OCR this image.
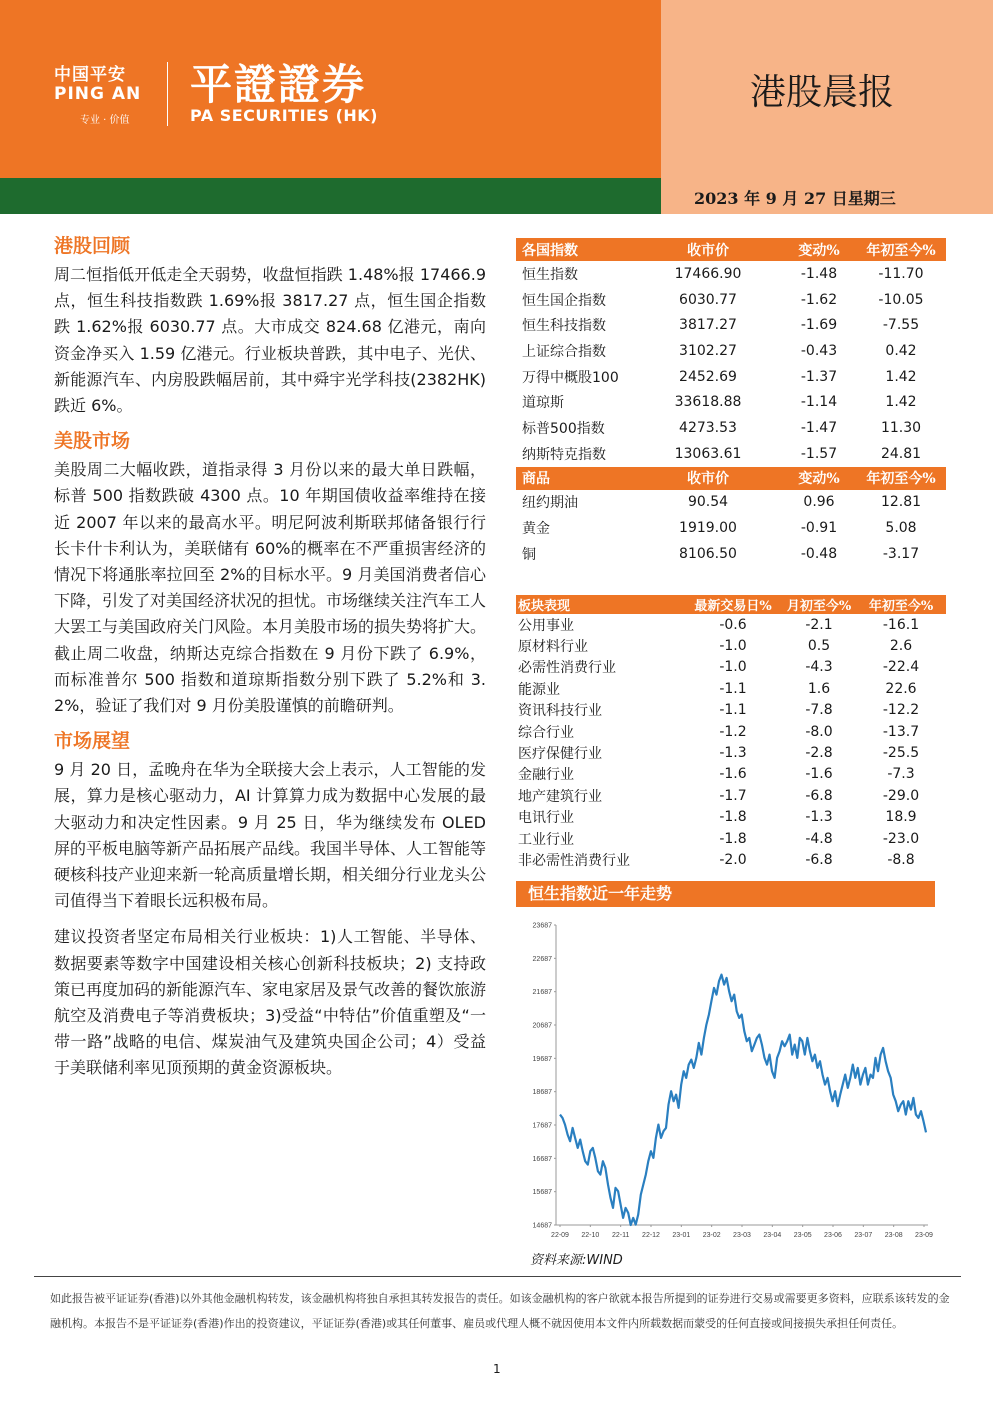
中国平安
PING AN
专业 · 价值
平證證券
PA SECURITIES (HK)
港股晨报
2023 年 9 月 27 日星期三
港股回顾

周二恒指低开低走全天弱势，收盘恒指跌 1.48%报 17466.9 点，恒生科技指数跌 1.69%报 3817.27 点，恒生国企指数跌 1.62%报 6030.77 点。大市成交 824.68 亿港元，南向资金净买入 1.59 亿港元。行业板块普跌，其中电子、光伏、新能源汽车、内房股跌幅居前，其中舜宇光学科技(2382HK)跌近 6%。

美股市场

美股周二大幅收跌，道指录得 3 月份以来的最大单日跌幅，标普 500 指数跌破 4300 点。10 年期国债收益率维持在接近 2007 年以来的最高水平。明尼阿波利斯联邦储备银行行长卡什卡利认为，美联储有 60%的概率在不严重损害经济的情况下将通胀率拉回至 2%的目标水平。9 月美国消费者信心下降，引发了对美国经济状况的担忧。市场继续关注汽车工人大罢工与美国政府关门风险。本月美股市场的损失势将扩大。截止周二收盘，纳斯达克综合指数在 9 月份下跌了 6.9%，而标准普尔 500 指数和道琼斯指数分别下跌了 5.2%和 3.2%，验证了我们对 9 月份美股谨慎的前瞻研判。

市场展望

9 月 20 日，孟晚舟在华为全联接大会上表示，人工智能的发展，算力是核心驱动力，AI 计算算力成为数据中心发展的最大驱动力和决定性因素。9 月 25 日，华为继续发布 OLED 屏的平板电脑等新产品拓展产品线。我国半导体、人工智能等硬核科技产业迎来新一轮高质量增长期，相关细分行业龙头公司值得当下着眼长远积极布局。

建议投资者坚定布局相关行业板块：1)人工智能、半导体、数据要素等数字中国建设相关核心创新科技板块；2) 支持政策已再度加码的新能源汽车、家电家居及景气改善的餐饮旅游航空及消费电子等消费板块；3)受益“中特估”价值重塑及“一带一路”战略的电信、煤炭油气及建筑央国企公司；4）受益于美联储利率见顶预期的黄金资源板块。

各国指数	收市价	变动%	年初至今%
恒生指数	17466.90	-1.48	-11.70
恒生国企指数	6030.77	-1.62	-10.05
恒生科技指数	3817.27	-1.69	-7.55
上证综合指数	3102.27	-0.43	0.42
万得中概股100	2452.69	-1.37	1.42
道琼斯	33618.88	-1.14	1.42
标普500指数	4273.53	-1.47	11.30
纳斯特克指数	13063.61	-1.57	24.81
商品	收市价	变动%	年初至今%
纽约期油	90.54	0.96	12.81
黄金	1919.00	-0.91	5.08
铜	8106.50	-0.48	-3.17
板块表现	最新交易日%	月初至今%	年初至今%
公用事业	-0.6	-2.1	-16.1
原材料行业	-1.0	0.5	2.6
必需性消费行业	-1.0	-4.3	-22.4
能源业	-1.1	1.6	22.6
资讯科技行业	-1.1	-7.8	-12.2
综合行业	-1.2	-8.0	-13.7
医疗保健行业	-1.3	-2.8	-25.5
金融行业	-1.6	-1.6	-7.3
地产建筑行业	-1.7	-6.8	-29.0
电讯行业	-1.8	-1.3	18.9
工业行业	-1.8	-4.8	-23.0
非必需性消费行业	-2.0	-6.8	-8.8
恒生指数近一年走势
14687
15687
16687
17687
18687
19687
20687
21687
22687
23687
22-09 22-10 22-11 22-12 23-01 23-02 23-03 23-04 23-05 23-06 23-07 23-08 23-09
资料来源:WIND
如此报告被平证证券(香港)以外其他金融机构转发，该金融机构将独自承担其转发报告的责任。如该金融机构的客户欲就本报告所提到的证券进行交易或需要更多资料，应联系该转发的金融机构。本报告不是平证证券(香港)作出的投资建议，平证证券(香港)或其任何董事、雇员或代理人概不就因使用本文件内所载数据而蒙受的任何直接或间接损失承担任何责任。
1
